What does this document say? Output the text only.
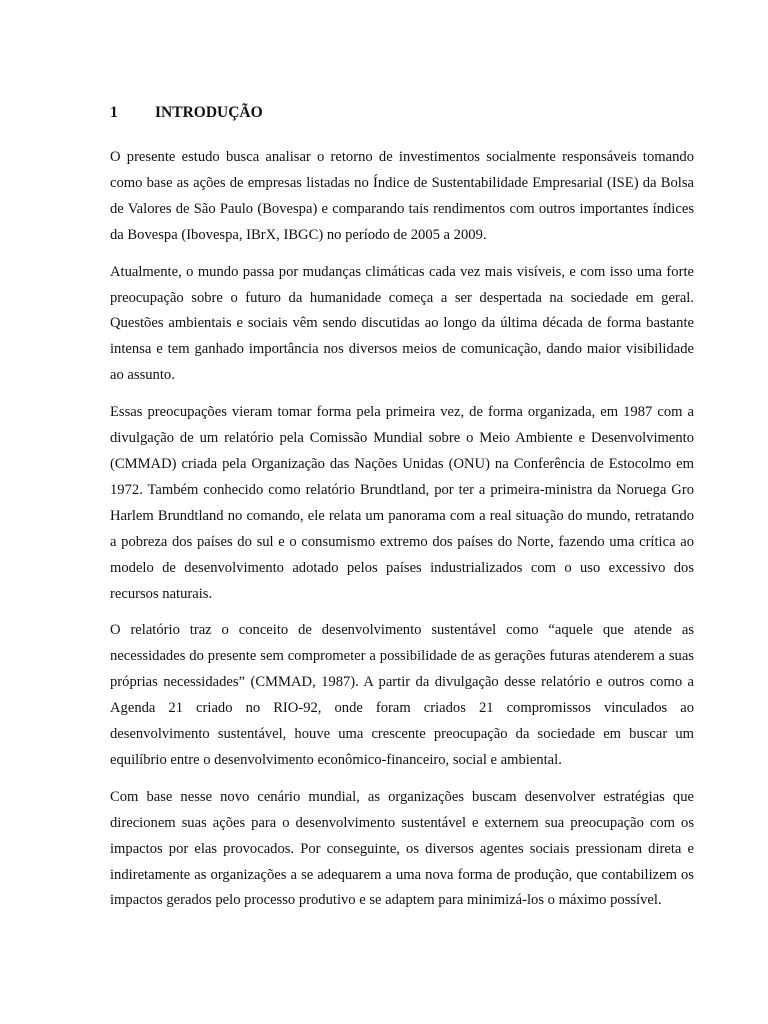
1	INTRODUÇÃO

O presente estudo busca analisar o retorno de investimentos socialmente responsáveis tomando como base as ações de empresas listadas no Índice de Sustentabilidade Empresarial (ISE) da Bolsa de Valores de São Paulo (Bovespa) e comparando tais rendimentos com outros importantes índices da Bovespa (Ibovespa, IBrX, IBGC) no período de 2005 a 2009.

Atualmente, o mundo passa por mudanças climáticas cada vez mais visíveis, e com isso uma forte preocupação sobre o futuro da humanidade começa a ser despertada na sociedade em geral. Questões ambientais e sociais vêm sendo discutidas ao longo da última década de forma bastante intensa e tem ganhado importância nos diversos meios de comunicação, dando maior visibilidade ao assunto.

Essas preocupações vieram tomar forma pela primeira vez, de forma organizada, em 1987 com a divulgação de um relatório pela Comissão Mundial sobre o Meio Ambiente e Desenvolvimento (CMMAD) criada pela Organização das Nações Unidas (ONU) na Conferência de Estocolmo em 1972. Também conhecido como relatório Brundtland, por ter a primeira-ministra da Noruega Gro Harlem Brundtland no comando, ele relata um panorama com a real situação do mundo, retratando a pobreza dos países do sul e o consumismo extremo dos países do Norte, fazendo uma crítica ao modelo de desenvolvimento adotado pelos países industrializados com o uso excessivo dos recursos naturais.

O relatório traz o conceito de desenvolvimento sustentável como “aquele que atende as necessidades do presente sem comprometer a possibilidade de as gerações futuras atenderem a suas próprias necessidades” (CMMAD, 1987). A partir da divulgação desse relatório e outros como a Agenda 21 criado no RIO-92, onde foram criados 21 compromissos vinculados ao desenvolvimento sustentável, houve uma crescente preocupação da sociedade em buscar um equilíbrio entre o desenvolvimento econômico-financeiro, social e ambiental.

Com base nesse novo cenário mundial, as organizações buscam desenvolver estratégias que direcionem suas ações para o desenvolvimento sustentável e externem sua preocupação com os impactos por elas provocados. Por conseguinte, os diversos agentes sociais pressionam direta e indiretamente as organizações a se adequarem a uma nova forma de produção, que contabilizem os impactos gerados pelo processo produtivo e se adaptem para minimizá-los o máximo possível.
